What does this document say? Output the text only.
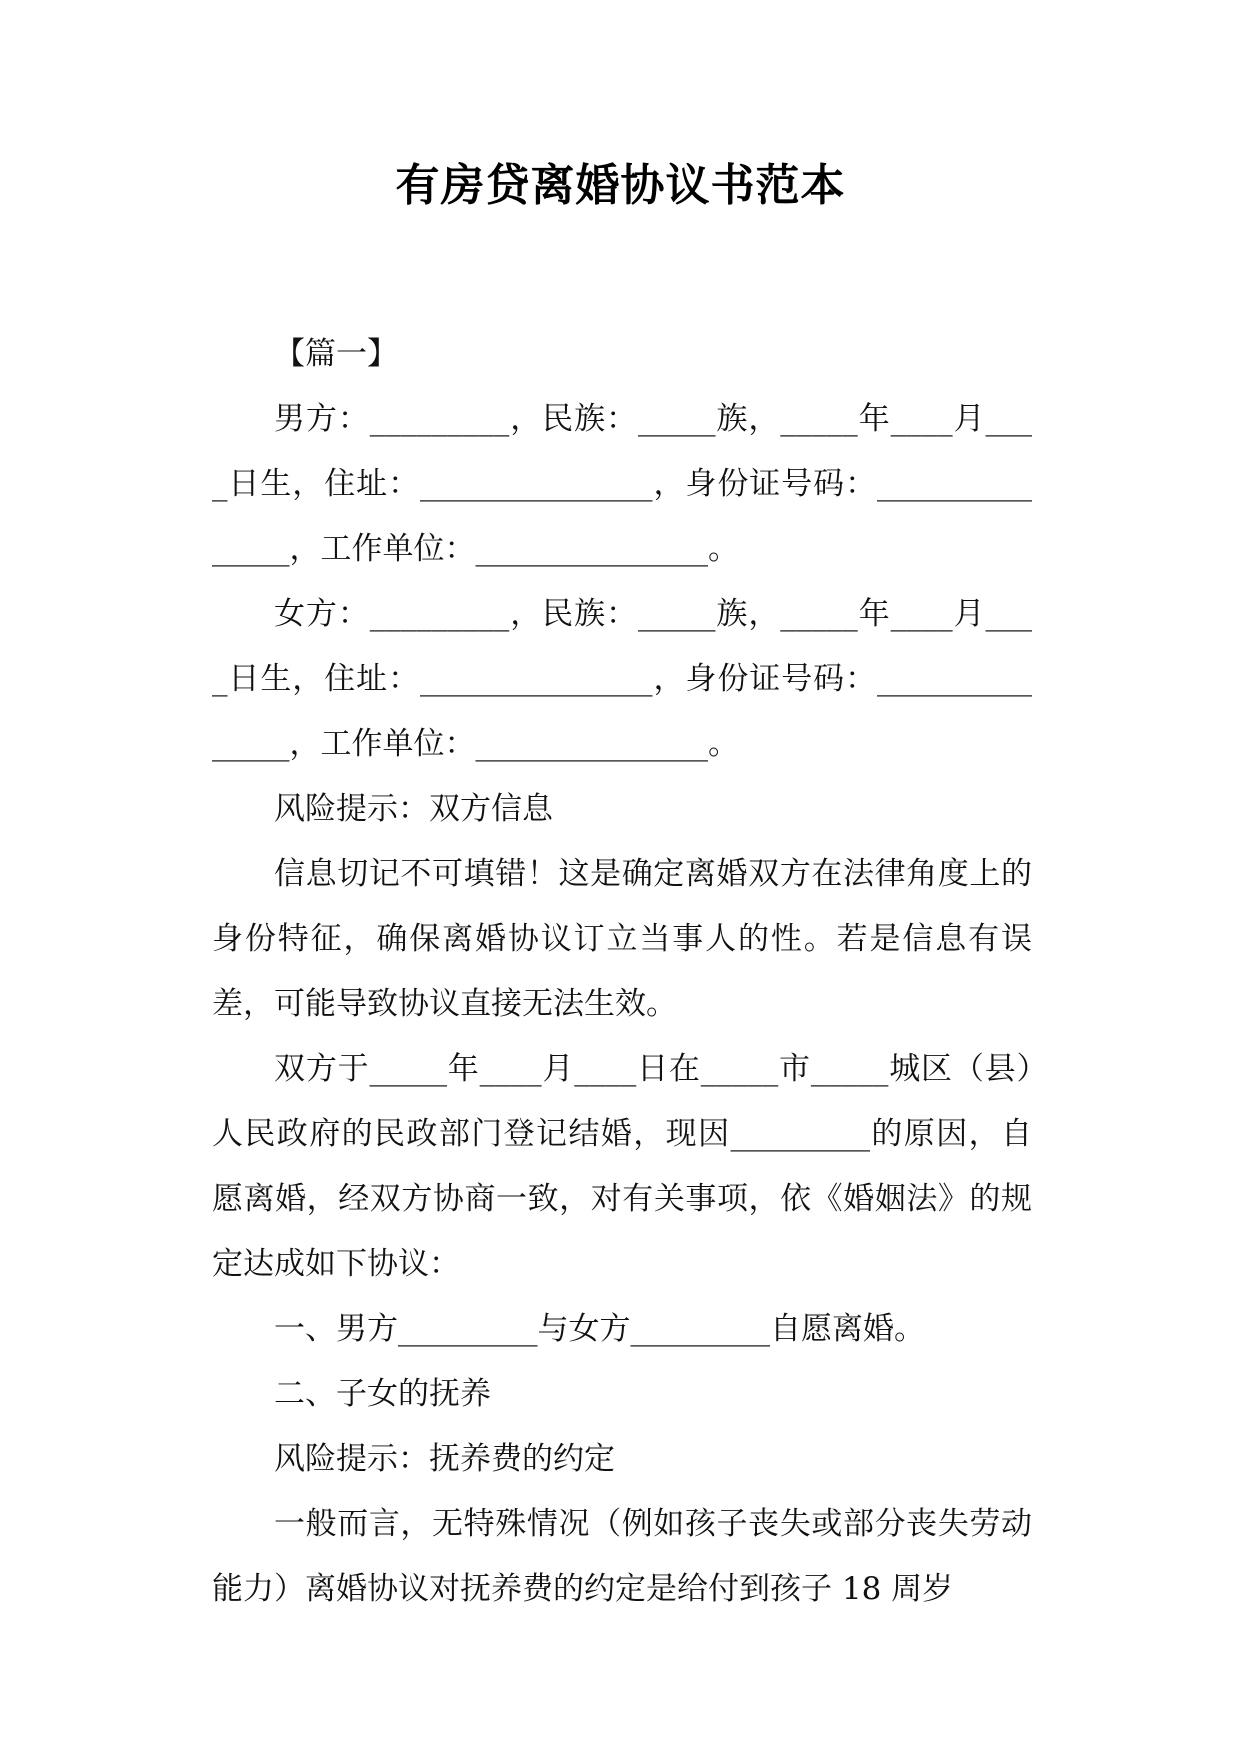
有房贷离婚协议书范本

【篇一】

男方：_________，民族：_____族，_____年____月____日生，住址：_______________，身份证号码：_______________，工作单位：_______________。

女方：_________，民族：_____族，_____年____月____日生，住址：_______________，身份证号码：_______________，工作单位：_______________。

风险提示：双方信息

信息切记不可填错！这是确定离婚双方在法律角度上的身份特征，确保离婚协议订立当事人的性。若是信息有误差，可能导致协议直接无法生效。

双方于_____年____月____日在_____市_____城区（县）人民政府的民政部门登记结婚，现因_________的原因，自愿离婚，经双方协商一致，对有关事项，依《婚姻法》的规定达成如下协议：

一、男方_________与女方_________自愿离婚。

二、子女的抚养

风险提示：抚养费的约定

一般而言，无特殊情况（例如孩子丧失或部分丧失劳动能力）离婚协议对抚养费的约定是给付到孩子 18 周岁
